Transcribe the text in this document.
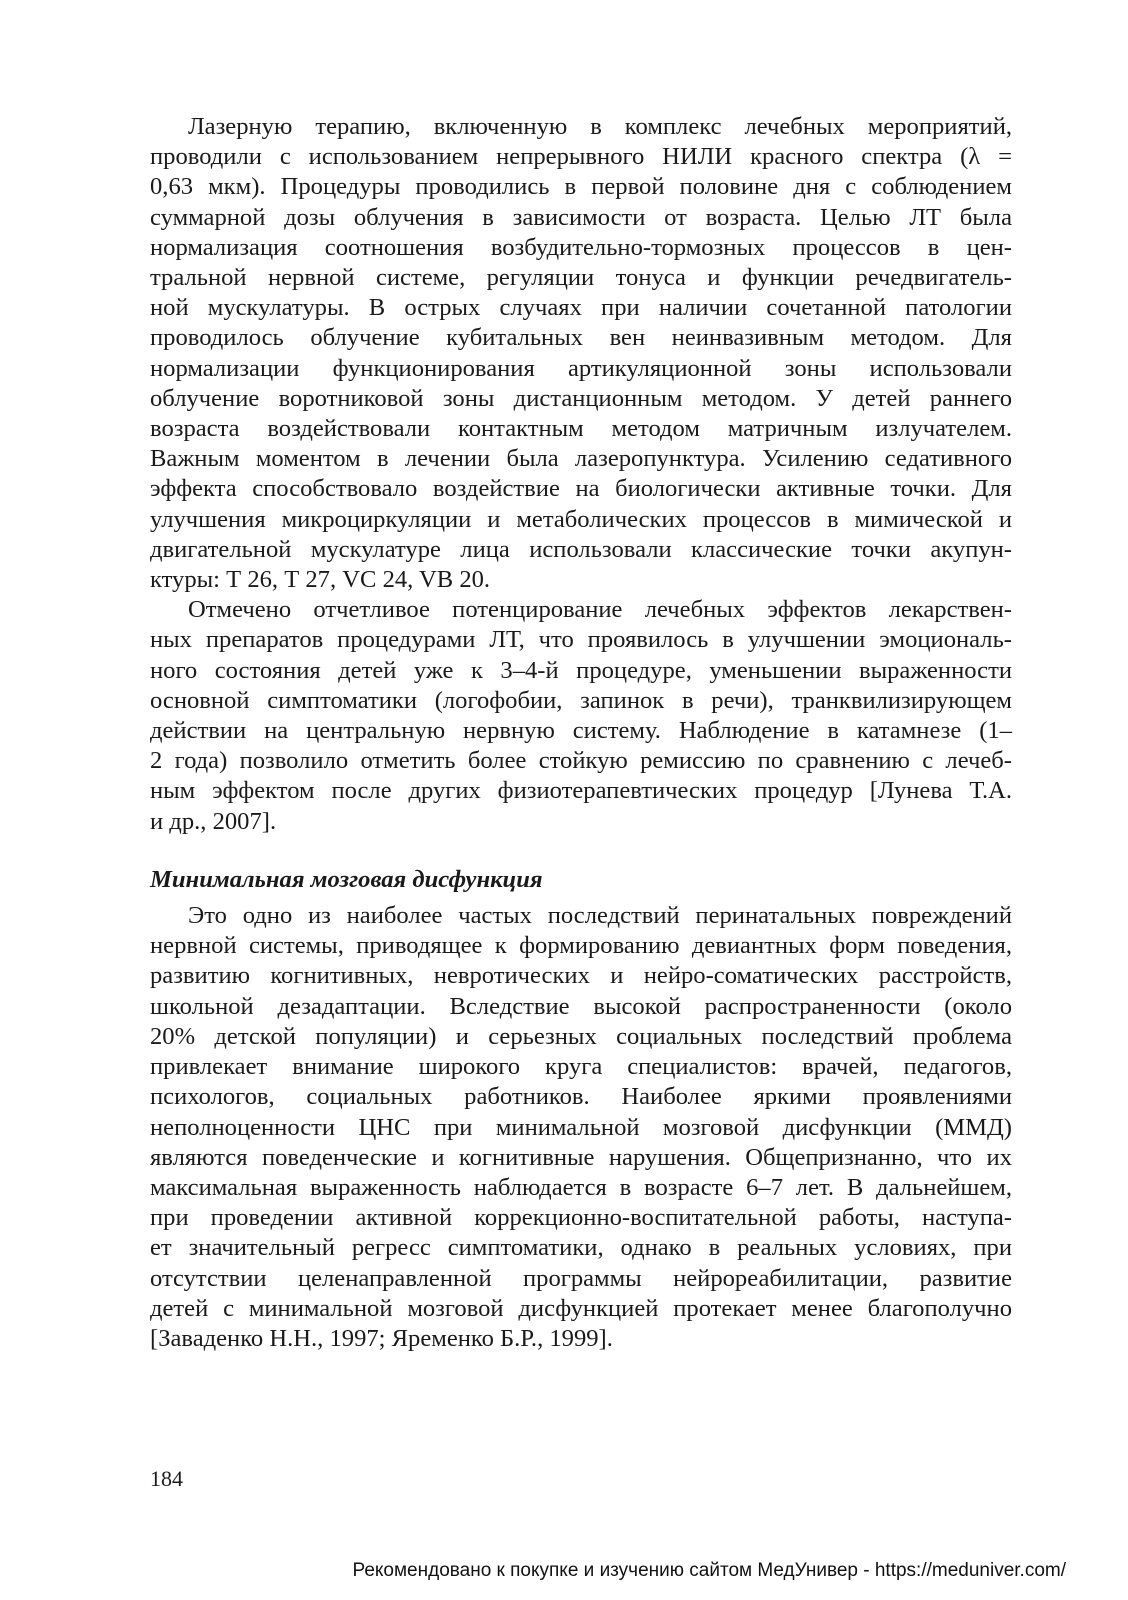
Лазерную терапию, включенную в комплекс лечебных мероприятий,
проводили с использованием непрерывного НИЛИ красного спектра (λ =
0,63 мкм). Процедуры проводились в первой половине дня с соблюдением
суммарной дозы облучения в зависимости от возраста. Целью ЛТ была
нормализация соотношения возбудительно-тормозных процессов в цен-
тральной нервной системе, регуляции тонуса и функции речедвигатель-
ной мускулатуры. В острых случаях при наличии сочетанной патологии
проводилось облучение кубитальных вен неинвазивным методом. Для
нормализации функционирования артикуляционной зоны использовали
облучение воротниковой зоны дистанционным методом. У детей раннего
возраста воздействовали контактным методом матричным излучателем.
Важным моментом в лечении была лазеропунктура. Усилению седативного
эффекта способствовало воздействие на биологически активные точки. Для
улучшения микроциркуляции и метаболических процессов в мимической и
двигательной мускулатуре лица использовали классические точки акупун-
ктуры: Т 26, Т 27, VC 24, VB 20.
Отмечено отчетливое потенцирование лечебных эффектов лекарствен-
ных препаратов процедурами ЛТ, что проявилось в улучшении эмоциональ-
ного состояния детей уже к 3–4-й процедуре, уменьшении выраженности
основной симптоматики (логофобии, запинок в речи), транквилизирующем
действии на центральную нервную систему. Наблюдение в катамнезе (1–
2 года) позволило отметить более стойкую ремиссию по сравнению с лечеб-
ным эффектом после других физиотерапевтических процедур [Лунева Т.А.
и др., 2007].
Минимальная мозговая дисфункция
Это одно из наиболее частых последствий перинатальных повреждений
нервной системы, приводящее к формированию девиантных форм поведения,
развитию когнитивных, невротических и нейро-соматических расстройств,
школьной дезадаптации. Вследствие высокой распространенности (около
20% детской популяции) и серьезных социальных последствий проблема
привлекает внимание широкого круга специалистов: врачей, педагогов,
психологов, социальных работников. Наиболее яркими проявлениями
неполноценности ЦНС при минимальной мозговой дисфункции (ММД)
являются поведенческие и когнитивные нарушения. Общепризнанно, что их
максимальная выраженность наблюдается в возрасте 6–7 лет. В дальнейшем,
при проведении активной коррекционно-воспитательной работы, наступа-
ет значительный регресс симптоматики, однако в реальных условиях, при
отсутствии целенаправленной программы нейрореабилитации, развитие
детей с минимальной мозговой дисфункцией протекает менее благополучно
[Заваденко Н.Н., 1997; Яременко Б.Р., 1999].
184
Рекомендовано к покупке и изучению сайтом МедУнивер - https://meduniver.com/
